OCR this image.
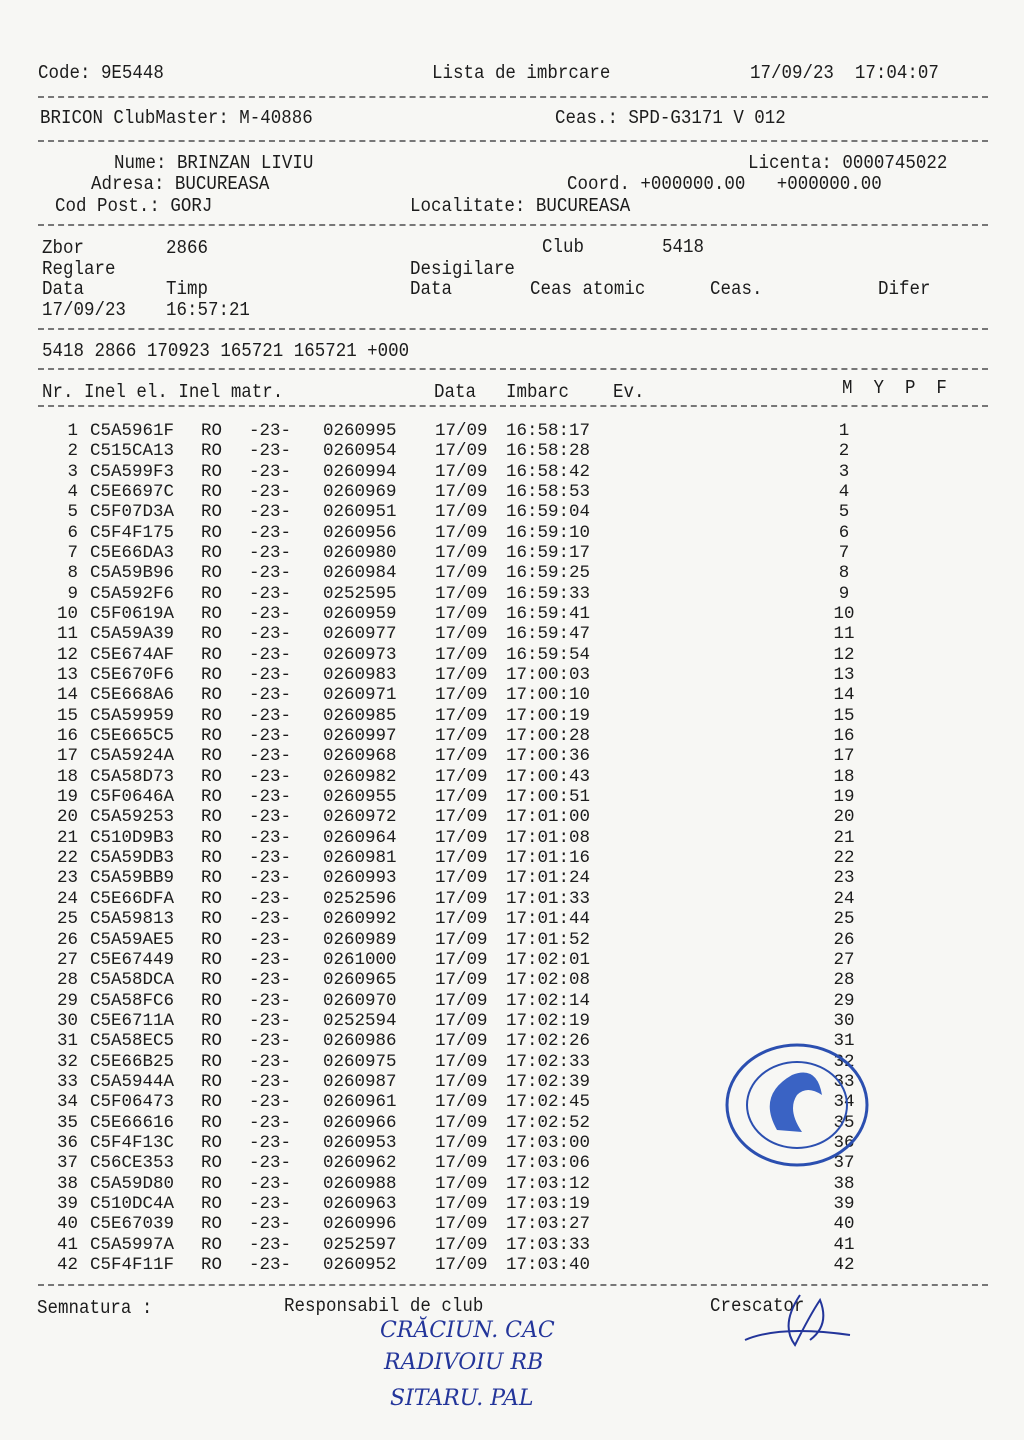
Code: 9E5448	Lista de imbrcare	17/09/23  17:04:07
BRICON ClubMaster: M-40886	Ceas.: SPD-G3171 V 012
Nume: BRINZAN LIVIU	Licenta: 0000745022
Adresa: BUCUREASA	Coord. +000000.00   +000000.00
Cod Post.: GORJ	Localitate: BUCUREASA
Zbor	2866	Club	5418
Reglare	Desigilare
Data	Timp	Data	Ceas atomic	Ceas.	Difer
17/09/23 16:57:21
5418 2866 170923 165721 165721 +000
Nr. Inel el. Inel matr.	Data Imbarc Ev.	M  Y  P  F
1 C5A5961F RO -23- 0260995 17/09 16:58:17	1
2 C515CA13 RO -23- 0260954 17/09 16:58:28	2
3 C5A599F3 RO -23- 0260994 17/09 16:58:42	3
4 C5E6697C RO -23- 0260969 17/09 16:58:53	4
5 C5F07D3A RO -23- 0260951 17/09 16:59:04	5
6 C5F4F175 RO -23- 0260956 17/09 16:59:10	6
7 C5E66DA3 RO -23- 0260980 17/09 16:59:17	7
8 C5A59B96 RO -23- 0260984 17/09 16:59:25	8
9 C5A592F6 RO -23- 0252595 17/09 16:59:33	9
10 C5F0619A RO -23- 0260959 17/09 16:59:41	10
11 C5A59A39 RO -23- 0260977 17/09 16:59:47	11
12 C5E674AF RO -23- 0260973 17/09 16:59:54	12
13 C5E670F6 RO -23- 0260983 17/09 17:00:03	13
14 C5E668A6 RO -23- 0260971 17/09 17:00:10	14
15 C5A59959 RO -23- 0260985 17/09 17:00:19	15
16 C5E665C5 RO -23- 0260997 17/09 17:00:28	16
17 C5A5924A RO -23- 0260968 17/09 17:00:36	17
18 C5A58D73 RO -23- 0260982 17/09 17:00:43	18
19 C5F0646A RO -23- 0260955 17/09 17:00:51	19
20 C5A59253 RO -23- 0260972 17/09 17:01:00	20
21 C510D9B3 RO -23- 0260964 17/09 17:01:08	21
22 C5A59DB3 RO -23- 0260981 17/09 17:01:16	22
23 C5A59BB9 RO -23- 0260993 17/09 17:01:24	23
24 C5E66DFA RO -23- 0252596 17/09 17:01:33	24
25 C5A59813 RO -23- 0260992 17/09 17:01:44	25
26 C5A59AE5 RO -23- 0260989 17/09 17:01:52	26
27 C5E67449 RO -23- 0261000 17/09 17:02:01	27
28 C5A58DCA RO -23- 0260965 17/09 17:02:08	28
29 C5A58FC6 RO -23- 0260970 17/09 17:02:14	29
30 C5E6711A RO -23- 0252594 17/09 17:02:19	30
31 C5A58EC5 RO -23- 0260986 17/09 17:02:26	31
32 C5E66B25 RO -23- 0260975 17/09 17:02:33	32
33 C5A5944A RO -23- 0260987 17/09 17:02:39	33
34 C5F06473 RO -23- 0260961 17/09 17:02:45	34
35 C5E66616 RO -23- 0260966 17/09 17:02:52	35
36 C5F4F13C RO -23- 0260953 17/09 17:03:00	36
37 C56CE353 RO -23- 0260962 17/09 17:03:06	37
38 C5A59D80 RO -23- 0260988 17/09 17:03:12	38
39 C510DC4A RO -23- 0260963 17/09 17:03:19	39
40 C5E67039 RO -23- 0260996 17/09 17:03:27	40
41 C5A5997A RO -23- 0252597 17/09 17:03:33	41
42 C5F4F11F RO -23- 0260952 17/09 17:03:40	42
Semnatura :	Responsabil de club	Crescator
CRĂCIUN. CAC
RADIVOIU RB
SITARU. PAL
